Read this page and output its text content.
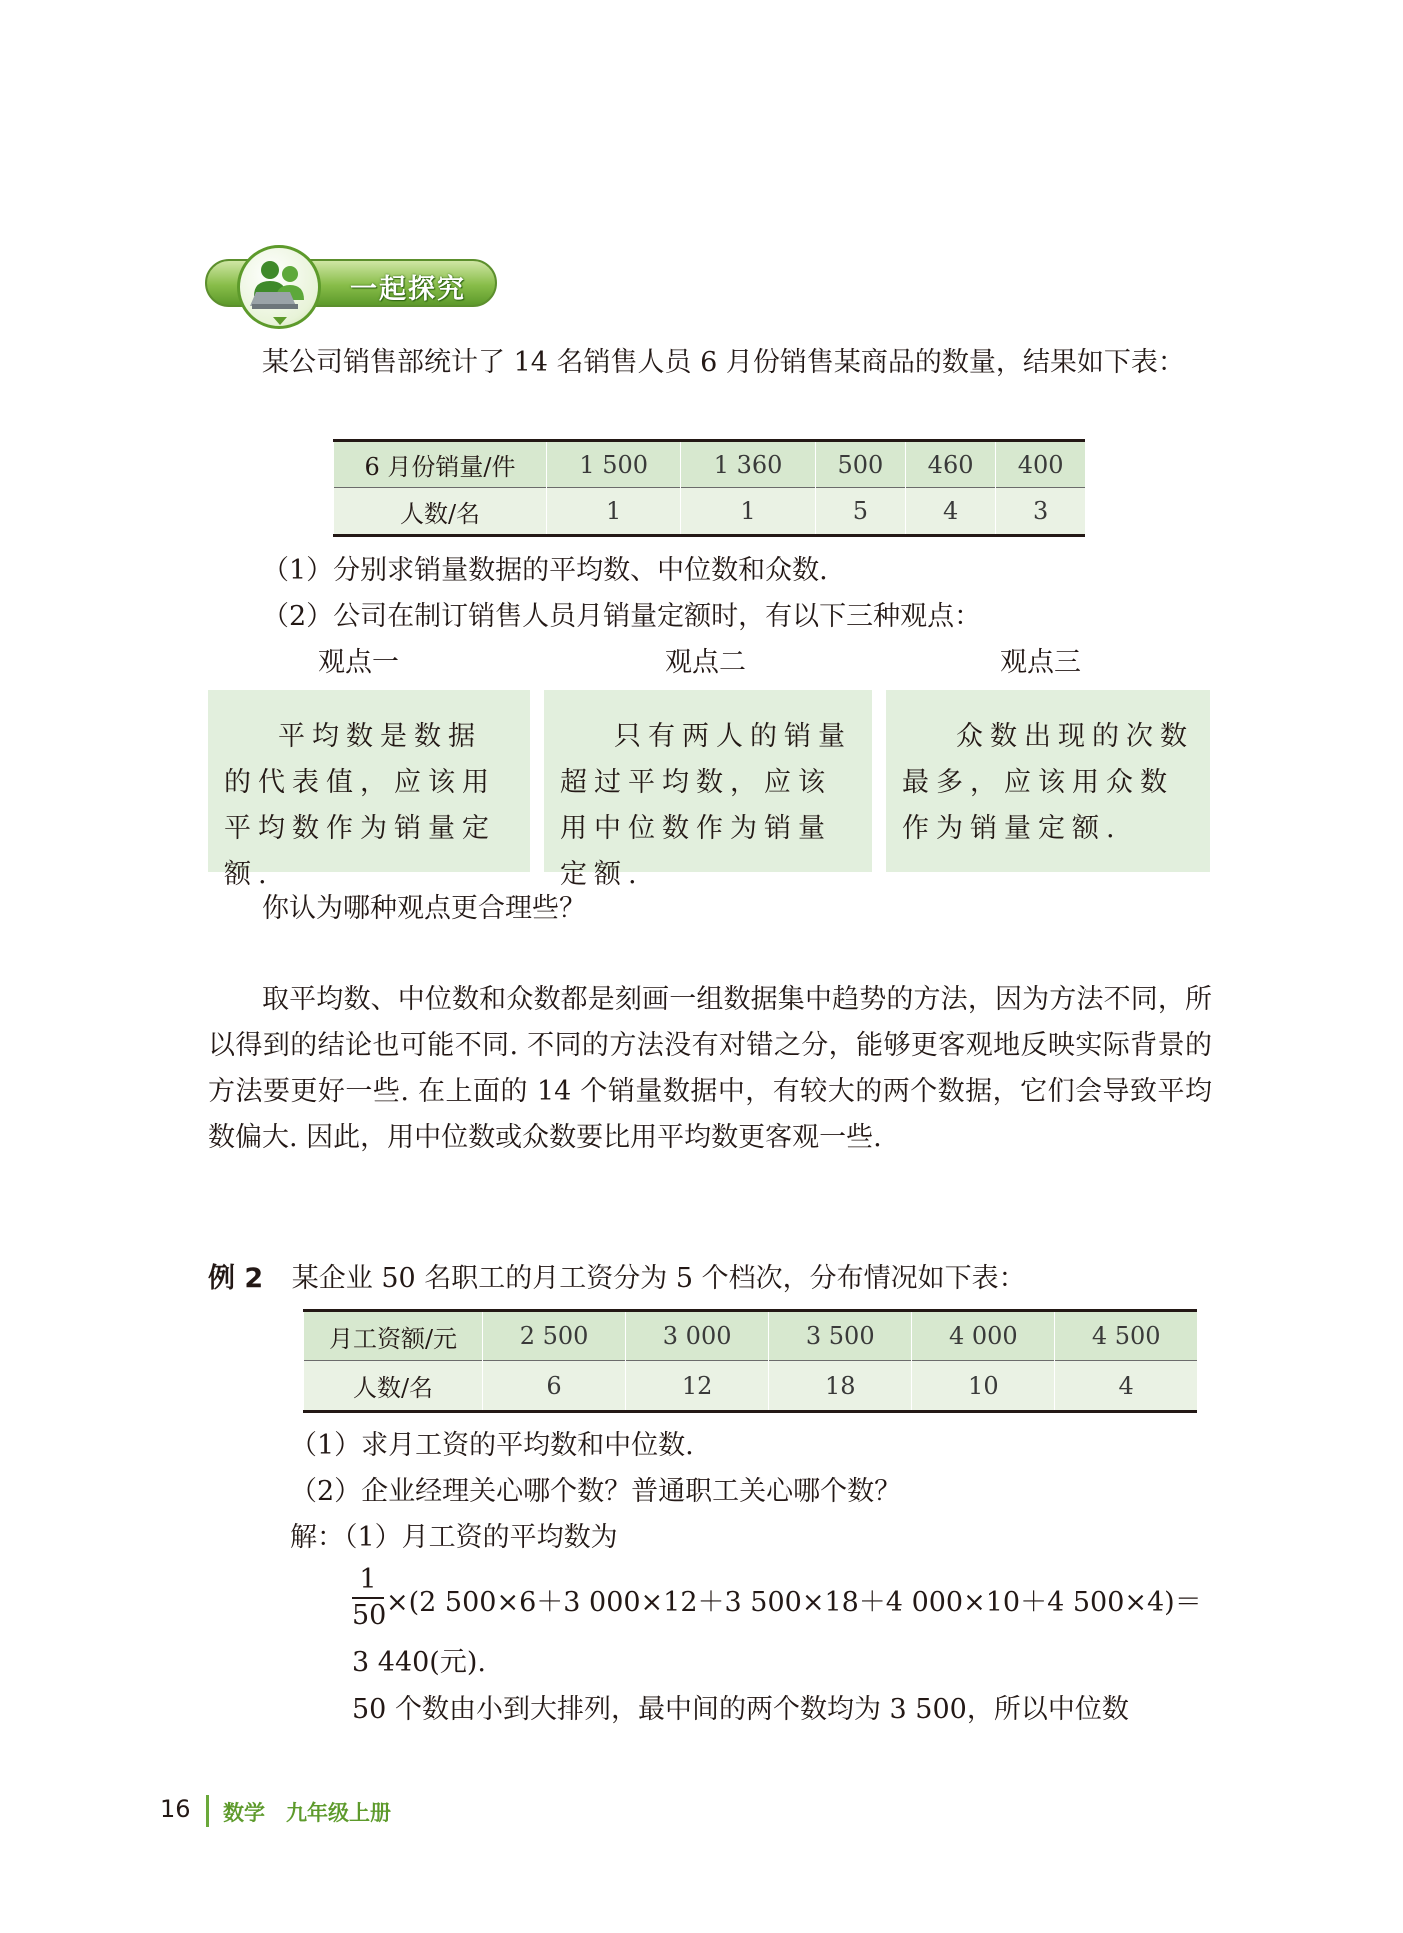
一起探究
某公司销售部统计了 14 名销售人员 6 月份销售某商品的数量，结果如下表：
6 月份销量/件	1 500	1 360	500	460	400
人数/名	1	1	5	4	3
（1）分别求销量数据的平均数、中位数和众数.
（2）公司在制订销售人员月销量定额时，有以下三种观点：
观点一	观点二	观点三
平均数是数据的代表值，应该用平均数作为销量定额.
只有两人的销量超过平均数，应该用中位数作为销量定额.
众数出现的次数最多，应该用众数作为销量定额.
你认为哪种观点更合理些？
取平均数、中位数和众数都是刻画一组数据集中趋势的方法，因为方法不同，所以得到的结论也可能不同. 不同的方法没有对错之分，能够更客观地反映实际背景的方法要更好一些. 在上面的 14 个销量数据中，有较大的两个数据，它们会导致平均数偏大. 因此，用中位数或众数要比用平均数更客观一些.
例 2 某企业 50 名职工的月工资分为 5 个档次，分布情况如下表：
月工资额/元	2 500	3 000	3 500	4 000	4 500
人数/名	6	12	18	10	4
（1）求月工资的平均数和中位数.
（2）企业经理关心哪个数？普通职工关心哪个数？
解：（1）月工资的平均数为
1
50 ×(2 500×6＋3 000×12＋3 500×18＋4 000×10＋4 500×4)＝
3 440(元).
50 个数由小到大排列，最中间的两个数均为 3 500，所以中位数
16 数学　九年级上册
